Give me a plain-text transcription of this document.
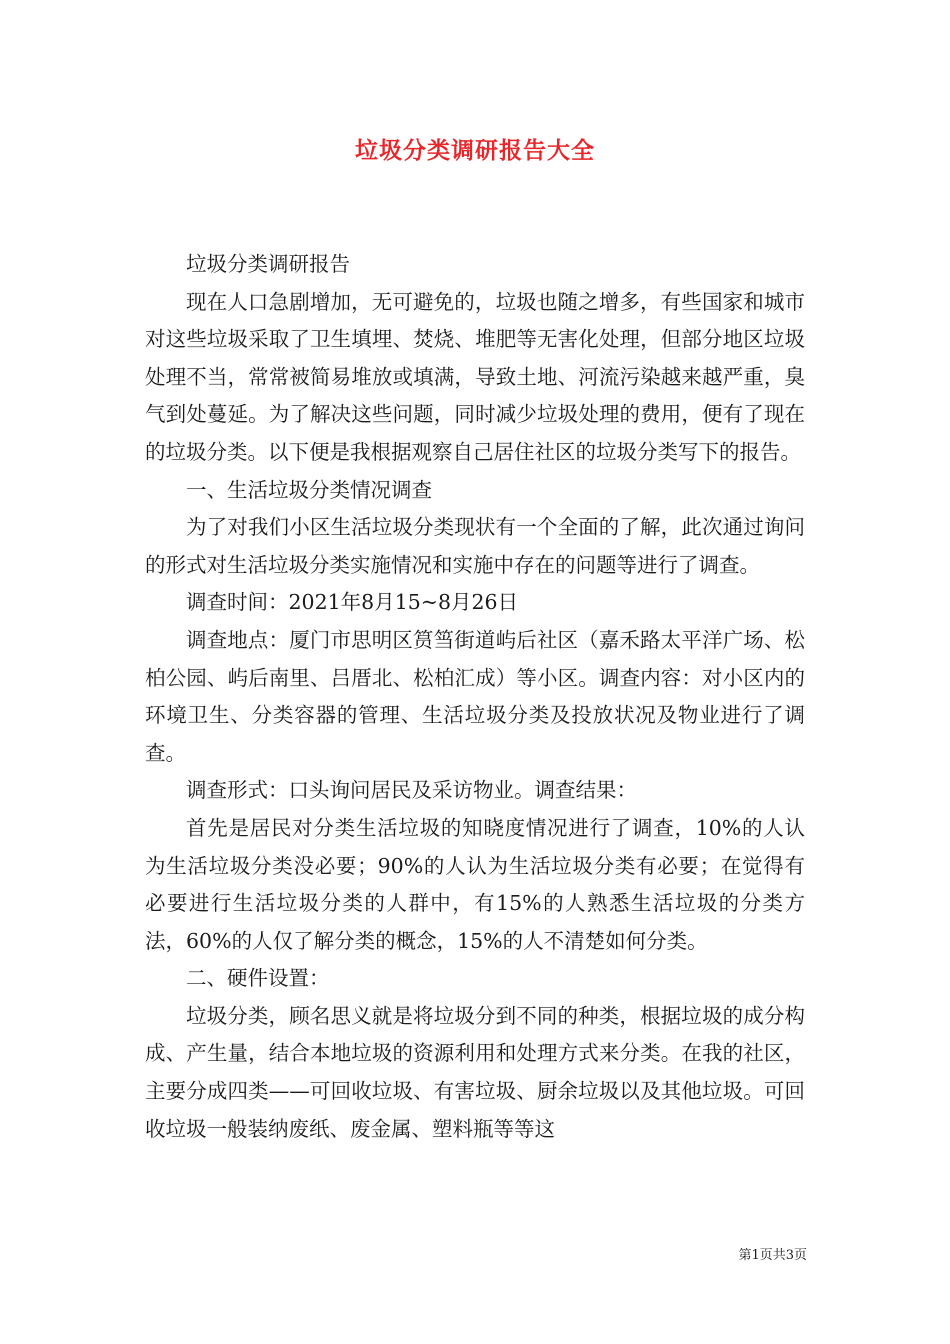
垃圾分类调研报告大全

垃圾分类调研报告

现在人口急剧增加，无可避免的，垃圾也随之增多，有些国家和城市对这些垃圾采取了卫生填埋、焚烧、堆肥等无害化处理，但部分地区垃圾处理不当，常常被简易堆放或填满，导致土地、河流污染越来越严重，臭气到处蔓延。为了解决这些问题，同时减少垃圾处理的费用，便有了现在的垃圾分类。以下便是我根据观察自己居住社区的垃圾分类写下的报告。

一、生活垃圾分类情况调查

为了对我们小区生活垃圾分类现状有一个全面的了解，此次通过询问的形式对生活垃圾分类实施情况和实施中存在的问题等进行了调查。

调查时间：2021年8月15~8月26日

调查地点：厦门市思明区筼筜街道屿后社区（嘉禾路太平洋广场、松柏公园、屿后南里、吕厝北、松柏汇成）等小区。调查内容：对小区内的环境卫生、分类容器的管理、生活垃圾分类及投放状况及物业进行了调查。

调查形式：口头询问居民及采访物业。调查结果：

首先是居民对分类生活垃圾的知晓度情况进行了调查，10%的人认为生活垃圾分类没必要；90%的人认为生活垃圾分类有必要；在觉得有必要进行生活垃圾分类的人群中，有15%的人熟悉生活垃圾的分类方法，60%的人仅了解分类的概念，15%的人不清楚如何分类。

二、硬件设置：

垃圾分类，顾名思义就是将垃圾分到不同的种类，根据垃圾的成分构成、产生量，结合本地垃圾的资源利用和处理方式来分类。在我的社区，主要分成四类——可回收垃圾、有害垃圾、厨余垃圾以及其他垃圾。可回收垃圾一般装纳废纸、废金属、塑料瓶等等这

第1页共3页
